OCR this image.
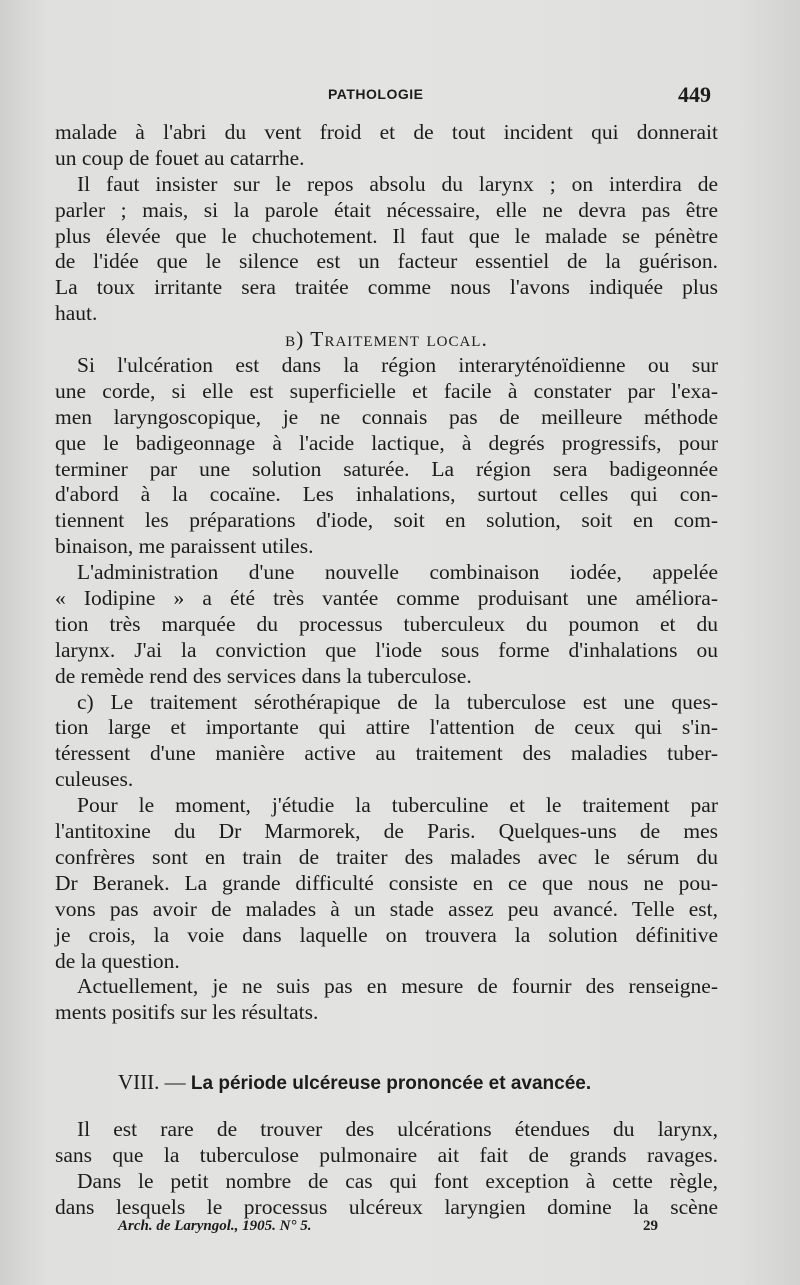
PATHOLOGIE	449
malade à l'abri du vent froid et de tout incident qui donnerait
un coup de fouet au catarrhe.
Il faut insister sur le repos absolu du larynx ; on interdira de
parler ; mais, si la parole était nécessaire, elle ne devra pas être
plus élevée que le chuchotement. Il faut que le malade se pénètre
de l'idée que le silence est un facteur essentiel de la guérison.
La toux irritante sera traitée comme nous l'avons indiquée plus
haut.
b) Traitement local.
Si l'ulcération est dans la région interaryténoïdienne ou sur
une corde, si elle est superficielle et facile à constater par l'exa-
men laryngoscopique, je ne connais pas de meilleure méthode
que le badigeonnage à l'acide lactique, à degrés progressifs, pour
terminer par une solution saturée. La région sera badigeonnée
d'abord à la cocaïne. Les inhalations, surtout celles qui con-
tiennent les préparations d'iode, soit en solution, soit en com-
binaison, me paraissent utiles.
L'administration d'une nouvelle combinaison iodée, appelée
« Iodipine » a été très vantée comme produisant une améliora-
tion très marquée du processus tuberculeux du poumon et du
larynx. J'ai la conviction que l'iode sous forme d'inhalations ou
de remède rend des services dans la tuberculose.
c) Le traitement sérothérapique de la tuberculose est une ques-
tion large et importante qui attire l'attention de ceux qui s'in-
téressent d'une manière active au traitement des maladies tuber-
culeuses.
Pour le moment, j'étudie la tuberculine et le traitement par
l'antitoxine du Dr Marmorek, de Paris. Quelques-uns de mes
confrères sont en train de traiter des malades avec le sérum du
Dr Beranek. La grande difficulté consiste en ce que nous ne pou-
vons pas avoir de malades à un stade assez peu avancé. Telle est,
je crois, la voie dans laquelle on trouvera la solution définitive
de la question.
Actuellement, je ne suis pas en mesure de fournir des renseigne-
ments positifs sur les résultats.
VIII. — La période ulcéreuse prononcée et avancée.
Il est rare de trouver des ulcérations étendues du larynx,
sans que la tuberculose pulmonaire ait fait de grands ravages.
Dans le petit nombre de cas qui font exception à cette règle,
dans lesquels le processus ulcéreux laryngien domine la scène
Arch. de Laryngol., 1905. N° 5.	29
